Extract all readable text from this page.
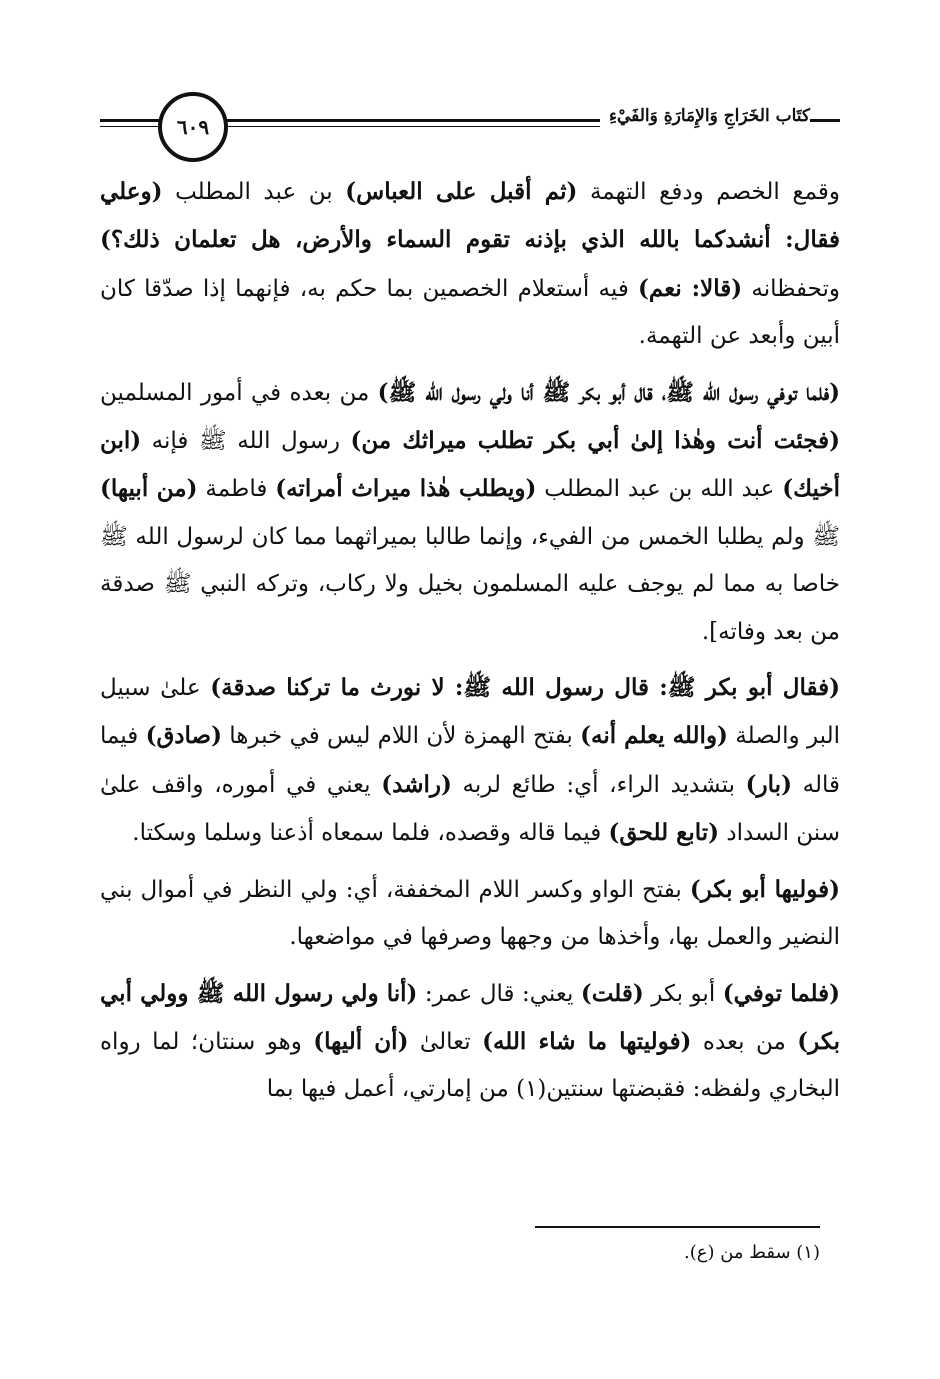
٦٠٩	كتَاب الخَرَاجِ وَالإِمَارَةِ وَالفَيْءِ

وقمع الخصم ودفع التهمة (ثم أقبل على العباس) بن عبد المطلب (وعلي فقال: أنشدكما بالله الذي بإذنه تقوم السماء والأرض، هل تعلمان ذلك؟) وتحفظانه (قالا: نعم) فيه أستعلام الخصمين بما حكم به، فإنهما إذا صدّقا كان أبين وأبعد عن التهمة.

(فلما توفي رسول الله ﷺ، قال أبو بكر ﷺ أنا ولي رسول الله ﷺ) من بعده في أمور المسلمين (فجئت أنت وهٰذا إلىٰ أبي بكر تطلب ميراثك من) رسول الله ﷺ فإنه (ابن أخيك) عبد الله بن عبد المطلب (ويطلب هٰذا ميراث أمراته) فاطمة (من أبيها) ﷺ ولم يطلبا الخمس من الفيء، وإنما طالبا بميراثهما مما كان لرسول الله ﷺ خاصا به مما لم يوجف عليه المسلمون بخيل ولا ركاب، وتركه النبي ﷺ صدقة من بعد وفاته].

(فقال أبو بكر ﷺ: قال رسول الله ﷺ: لا نورث ما تركنا صدقة) علىٰ سبيل البر والصلة (والله يعلم أنه) بفتح الهمزة لأن اللام ليس في خبرها (صادق) فيما قاله (بار) بتشديد الراء، أي: طائع لربه (راشد) يعني في أموره، واقف علىٰ سنن السداد (تابع للحق) فيما قاله وقصده، فلما سمعاه أذعنا وسلما وسكتا.

(فوليها أبو بكر) بفتح الواو وكسر اللام المخففة، أي: ولي النظر في أموال بني النضير والعمل بها، وأخذها من وجهها وصرفها في مواضعها.

(فلما توفي) أبو بكر (قلت) يعني: قال عمر: (أنا ولي رسول الله ﷺ وولي أبي بكر) من بعده (فوليتها ما شاء الله) تعالىٰ (أن أليها) وهو سنتان؛ لما رواه البخاري ولفظه: فقبضتها سنتين(١) من إمارتي، أعمل فيها بما

(١) سقط من (ع).
